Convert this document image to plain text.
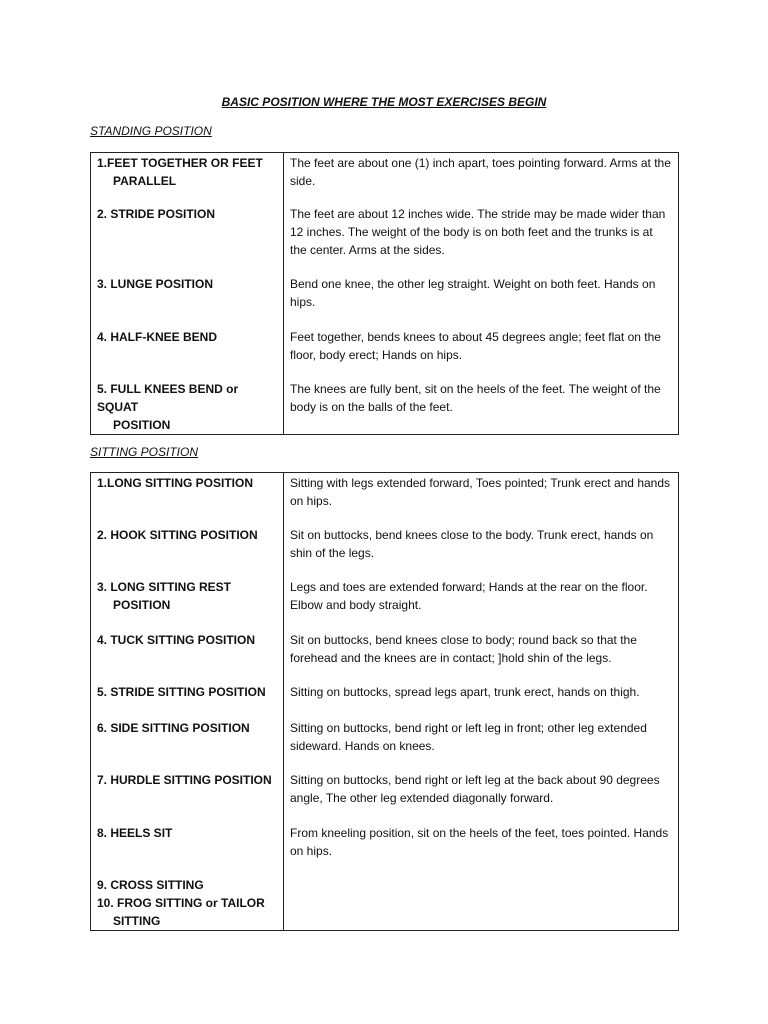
BASIC POSITION WHERE THE MOST EXERCISES BEGIN
STANDING POSITION
1.FEET TOGETHER OR FEET
PARALLEL	The feet are about one (1) inch apart, toes pointing forward. Arms at the side.

2. STRIDE POSITION	The feet are about 12 inches wide. The stride may be made wider than 12 inches. The weight of the body is on both feet and the trunks is at the center. Arms at the sides.

3. LUNGE POSITION	Bend one knee, the other leg straight. Weight on both feet. Hands on hips.

4. HALF-KNEE BEND	Feet together, bends knees to about 45 degrees angle; feet flat on the floor, body erect; Hands on hips.

5. FULL KNEES BEND or SQUAT
POSITION	The knees are fully bent, sit on the heels of the feet. The weight of the body is on the balls of the feet.
SITTING POSITION
1.LONG SITTING POSITION	Sitting with legs extended forward, Toes pointed; Trunk erect and hands on hips.

2. HOOK SITTING POSITION	Sit on buttocks, bend knees close to the body. Trunk erect, hands on shin of the legs.

3. LONG SITTING REST
POSITION	Legs and toes are extended forward; Hands at the rear on the floor. Elbow and body straight.

4. TUCK SITTING POSITION	Sit on buttocks, bend knees close to body; round back so that the forehead and the knees are in contact; ]hold shin of the legs.

5. STRIDE SITTING POSITION	Sitting on buttocks, spread legs apart, trunk erect, hands on thigh.

6. SIDE SITTING POSITION	Sitting on buttocks, bend right or left leg in front; other leg extended sideward. Hands on knees.

7. HURDLE SITTING POSITION	Sitting on buttocks, bend right or left leg at the back about 90 degrees angle, The other leg extended diagonally forward.

8. HEELS SIT	From kneeling position, sit on the heels of the feet, toes pointed. Hands on hips.

9. CROSS SITTING
10. FROG SITTING or TAILOR
SITTING	
